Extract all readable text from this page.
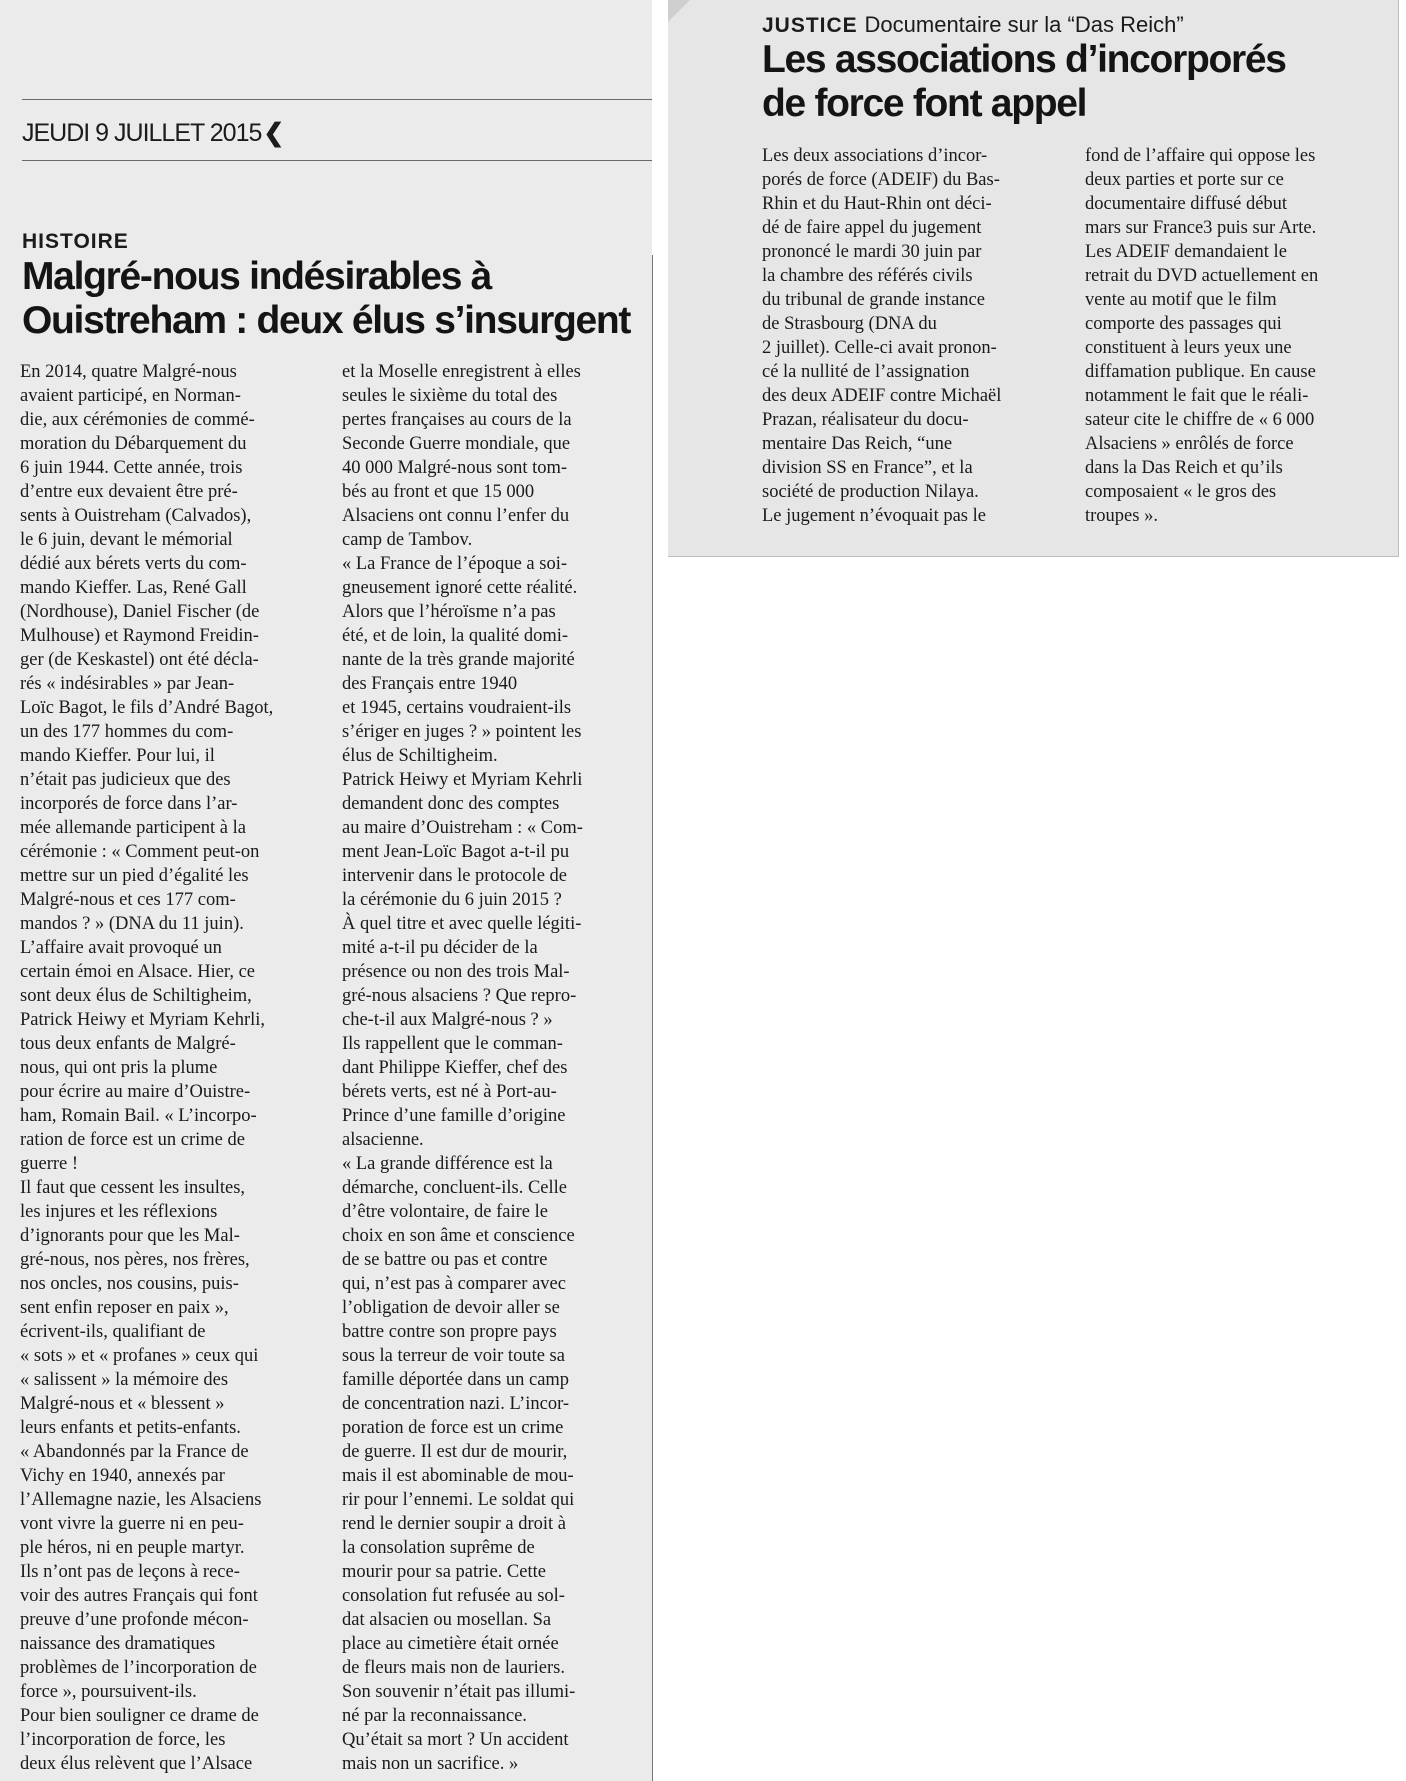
JEUDI 9 JUILLET 2015❮
HISTOIRE
Malgré-nous indésirables à
Ouistreham : deux élus s’insurgent

En 2014, quatre Malgré-nous

avaient participé, en Norman-

die, aux cérémonies de commé-

moration du Débarquement du

6 juin 1944. Cette année, trois

d’entre eux devaient être pré-

sents à Ouistreham (Calvados),

le 6 juin, devant le mémorial

dédié aux bérets verts du com-

mando Kieffer. Las, René Gall

(Nordhouse), Daniel Fischer (de

Mulhouse) et Raymond Freidin-

ger (de Keskastel) ont été décla-

rés « indésirables » par Jean-

Loïc Bagot, le fils d’André Bagot,

un des 177 hommes du com-

mando Kieffer. Pour lui, il

n’était pas judicieux que des

incorporés de force dans l’ar-

mée allemande participent à la

cérémonie : « Comment peut-on

mettre sur un pied d’égalité les

Malgré-nous et ces 177 com-

mandos ? » (DNA du 11 juin).

L’affaire avait provoqué un

certain émoi en Alsace. Hier, ce

sont deux élus de Schiltigheim,

Patrick Heiwy et Myriam Kehrli,

tous deux enfants de Malgré-

nous, qui ont pris la plume

pour écrire au maire d’Ouistre-

ham, Romain Bail. « L’incorpo-

ration de force est un crime de

guerre !

Il faut que cessent les insultes,

les injures et les réflexions

d’ignorants pour que les Mal-

gré-nous, nos pères, nos frères,

nos oncles, nos cousins, puis-

sent enfin reposer en paix »,

écrivent-ils, qualifiant de

« sots » et « profanes » ceux qui

« salissent » la mémoire des

Malgré-nous et « blessent »

leurs enfants et petits-enfants.

« Abandonnés par la France de

Vichy en 1940, annexés par

l’Allemagne nazie, les Alsaciens

vont vivre la guerre ni en peu-

ple héros, ni en peuple martyr.

Ils n’ont pas de leçons à rece-

voir des autres Français qui font

preuve d’une profonde mécon-

naissance des dramatiques

problèmes de l’incorporation de

force », poursuivent-ils.

Pour bien souligner ce drame de

l’incorporation de force, les

deux élus relèvent que l’Alsace

et la Moselle enregistrent à elles

seules le sixième du total des

pertes françaises au cours de la

Seconde Guerre mondiale, que

40 000 Malgré-nous sont tom-

bés au front et que 15 000

Alsaciens ont connu l’enfer du

camp de Tambov.

« La France de l’époque a soi-

gneusement ignoré cette réalité.

Alors que l’héroïsme n’a pas

été, et de loin, la qualité domi-

nante de la très grande majorité

des Français entre 1940

et 1945, certains voudraient-ils

s’ériger en juges ? » pointent les

élus de Schiltigheim.

Patrick Heiwy et Myriam Kehrli

demandent donc des comptes

au maire d’Ouistreham : « Com-

ment Jean-Loïc Bagot a-t-il pu

intervenir dans le protocole de

la cérémonie du 6 juin 2015 ?

À quel titre et avec quelle légiti-

mité a-t-il pu décider de la

présence ou non des trois Mal-

gré-nous alsaciens ? Que repro-

che-t-il aux Malgré-nous ? »

Ils rappellent que le comman-

dant Philippe Kieffer, chef des

bérets verts, est né à Port-au-

Prince d’une famille d’origine

alsacienne.

« La grande différence est la

démarche, concluent-ils. Celle

d’être volontaire, de faire le

choix en son âme et conscience

de se battre ou pas et contre

qui, n’est pas à comparer avec

l’obligation de devoir aller se

battre contre son propre pays

sous la terreur de voir toute sa

famille déportée dans un camp

de concentration nazi. L’incor-

poration de force est un crime

de guerre. Il est dur de mourir,

mais il est abominable de mou-

rir pour l’ennemi. Le soldat qui

rend le dernier soupir a droit à

la consolation suprême de

mourir pour sa patrie. Cette

consolation fut refusée au sol-

dat alsacien ou mosellan. Sa

place au cimetière était ornée

de fleurs mais non de lauriers.

Son souvenir n’était pas illumi-

né par la reconnaissance.

Qu’était sa mort ? Un accident

mais non un sacrifice. »

JUSTICE Documentaire sur la “Das Reich”
Les associations d’incorporés
de force font appel

Les deux associations d’incor-

porés de force (ADEIF) du Bas-

Rhin et du Haut-Rhin ont déci-

dé de faire appel du jugement

prononcé le mardi 30 juin par

la chambre des référés civils

du tribunal de grande instance

de Strasbourg (DNA du

2 juillet). Celle-ci avait pronon-

cé la nullité de l’assignation

des deux ADEIF contre Michaël

Prazan, réalisateur du docu-

mentaire Das Reich, “une

division SS en France”, et la

société de production Nilaya.

Le jugement n’évoquait pas le

fond de l’affaire qui oppose les

deux parties et porte sur ce

documentaire diffusé début

mars sur France3 puis sur Arte.

Les ADEIF demandaient le

retrait du DVD actuellement en

vente au motif que le film

comporte des passages qui

constituent à leurs yeux une

diffamation publique. En cause

notamment le fait que le réali-

sateur cite le chiffre de « 6 000

Alsaciens » enrôlés de force

dans la Das Reich et qu’ils

composaient « le gros des

troupes ».
